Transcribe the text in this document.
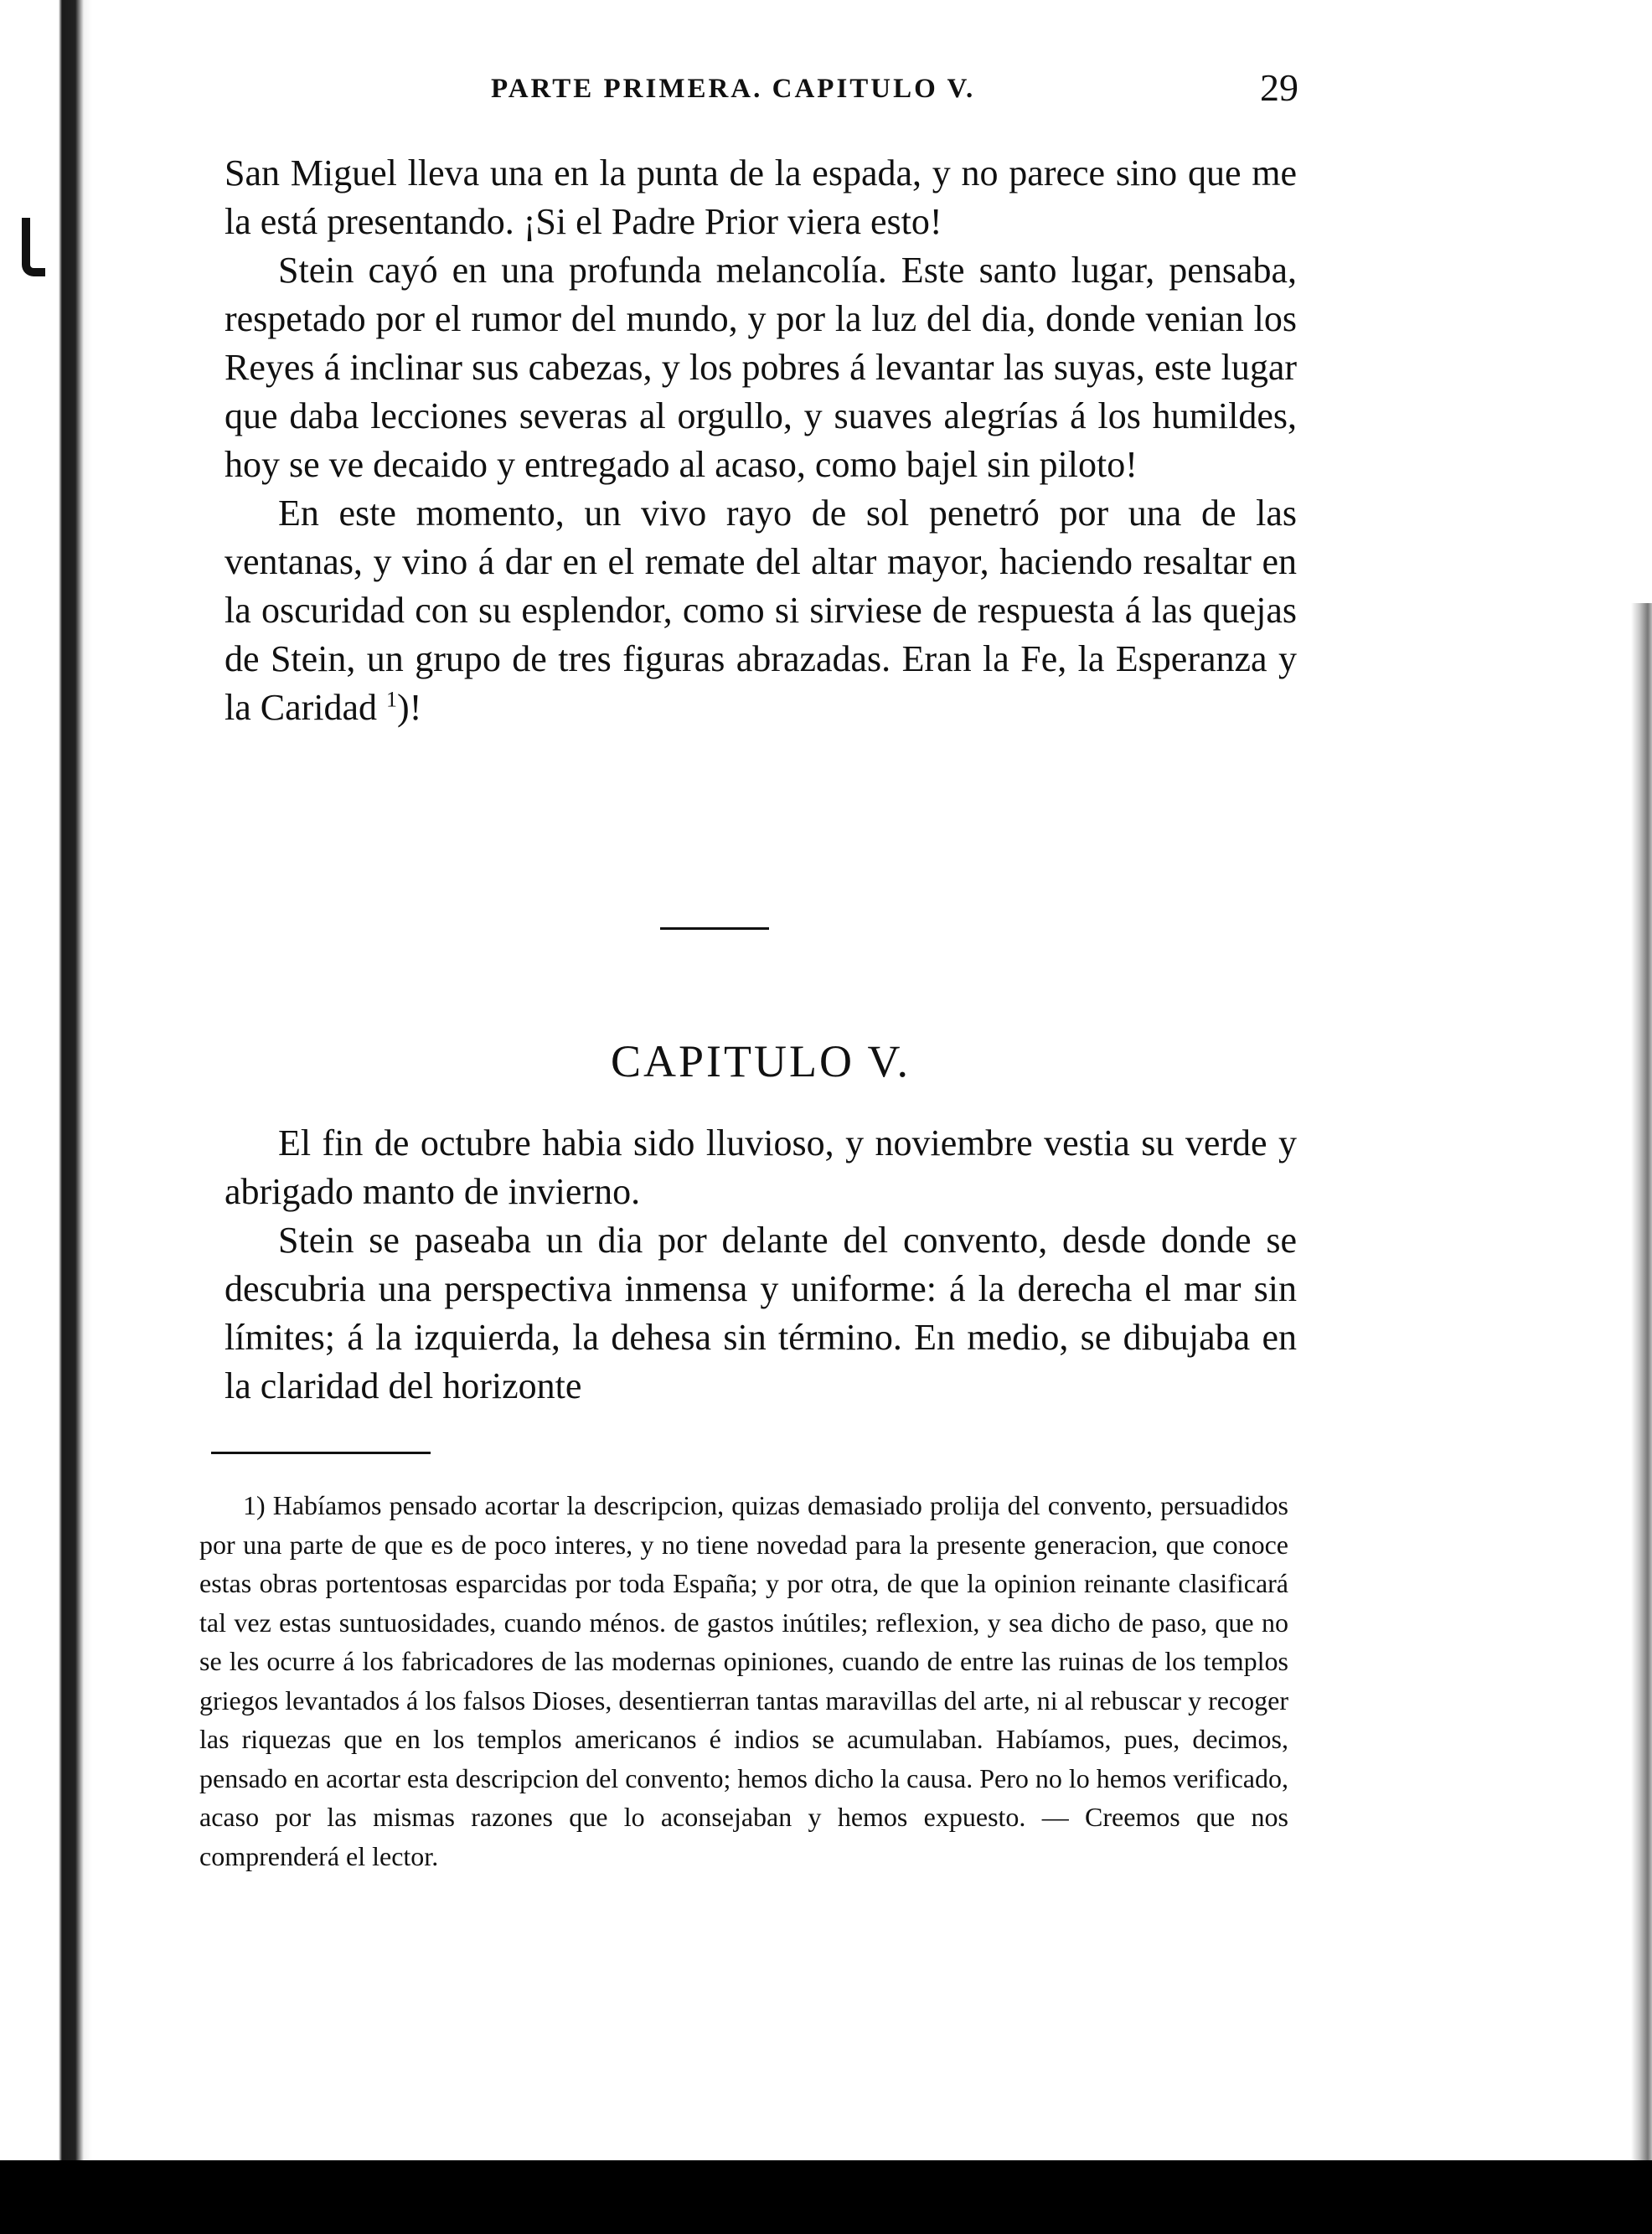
PARTE PRIMERA. CAPITULO V.	29

San Miguel lleva una en la punta de la espada, y no parece sino que me la está presentando. ¡Si el Padre Prior viera esto!

Stein cayó en una profunda melancolía. Este santo lugar, pensaba, respetado por el rumor del mundo, y por la luz del dia, donde venian los Reyes á inclinar sus cabezas, y los pobres á levantar las suyas, este lugar que daba lecciones severas al orgullo, y suaves alegrías á los humildes, hoy se ve decaido y entregado al acaso, como bajel sin piloto!

En este momento, un vivo rayo de sol penetró por una de las ventanas, y vino á dar en el remate del altar mayor, haciendo resaltar en la oscuridad con su esplendor, como si sirviese de respuesta á las quejas de Stein, un grupo de tres figuras abrazadas. Eran la Fe, la Esperanza y la Caridad $^1$)!

CAPITULO V.

El fin de octubre habia sido lluvioso, y noviembre vestia su verde y abrigado manto de invierno.

Stein se paseaba un dia por delante del convento, desde donde se descubria una perspectiva inmensa y uniforme: á la derecha el mar sin límites; á la izquierda, la dehesa sin término. En medio, se dibujaba en la claridad del horizonte

1) Habíamos pensado acortar la descripcion, quizas demasiado prolija del convento, persuadidos por una parte de que es de poco interes, y no tiene novedad para la presente generacion, que conoce estas obras portentosas esparcidas por toda España; y por otra, de que la opinion reinante clasificará tal vez estas suntuosidades, cuando ménos. de gastos inútiles; reflexion, y sea dicho de paso, que no se les ocurre á los fabricadores de las modernas opiniones, cuando de entre las ruinas de los templos griegos levantados á los falsos Dioses, desentierran tantas maravillas del arte, ni al rebuscar y recoger las riquezas que en los templos americanos é indios se acumulaban. Habíamos, pues, decimos, pensado en acortar esta descripcion del convento; hemos dicho la causa. Pero no lo hemos verificado, acaso por las mismas razones que lo aconsejaban y hemos expuesto. — Creemos que nos comprenderá el lector.
